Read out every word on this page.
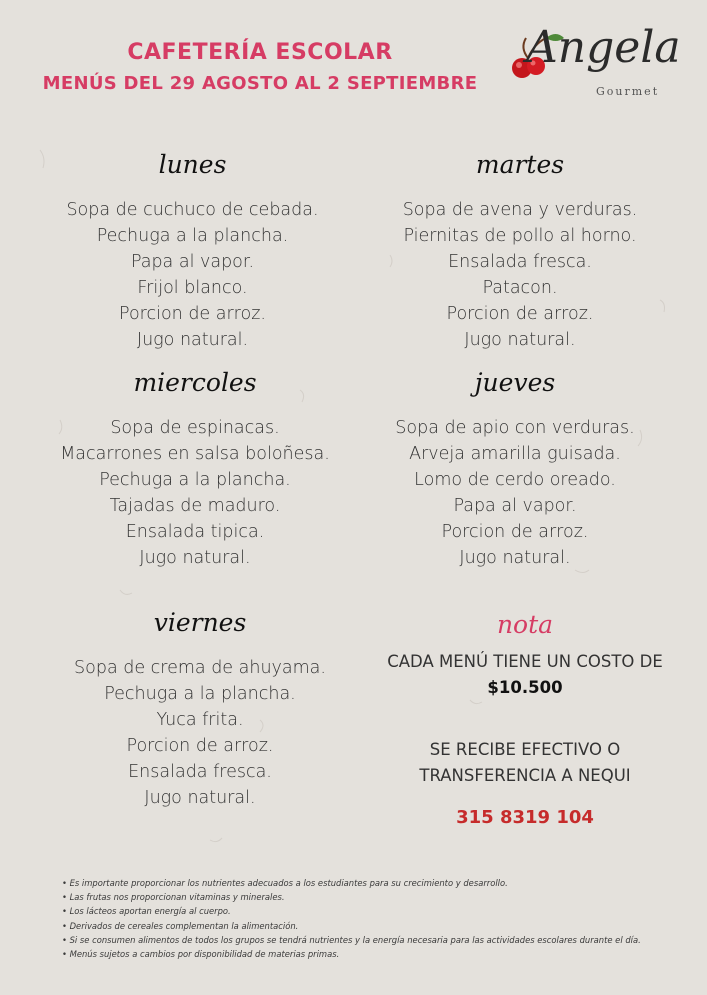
CAFETERÍA ESCOLAR
MENÚS DEL 29 AGOSTO AL 2 SEPTIEMBRE
Angela
Gourmet
lunes
Sopa de cuchuco de cebada.
Pechuga a la plancha.
Papa al vapor.
Frijol blanco.
Porcion de arroz.
Jugo natural.
martes
Sopa de avena y verduras.
Piernitas de pollo al horno.
Ensalada fresca.
Patacon.
Porcion de arroz.
Jugo natural.
miercoles
Sopa de espinacas.
Macarrones en salsa boloñesa.
Pechuga a la plancha.
Tajadas de maduro.
Ensalada tipica.
Jugo natural.
jueves
Sopa de apio con verduras.
Arveja amarilla guisada.
Lomo de cerdo oreado.
Papa al vapor.
Porcion de arroz.
Jugo natural.
viernes
Sopa de crema de ahuyama.
Pechuga a la plancha.
Yuca frita.
Porcion de arroz.
Ensalada fresca.
Jugo natural.
nota
CADA MENÚ TIENE UN COSTO DE
$10.500
SE RECIBE EFECTIVO O
TRANSFERENCIA A NEQUI
315 8319 104
• Es importante proporcionar los nutrientes adecuados a los estudiantes para su crecimiento y desarrollo.
• Las frutas nos proporcionan vitaminas y minerales.
• Los lácteos aportan energía al cuerpo.
• Derivados de cereales complementan la alimentación.
• Si se consumen alimentos de todos los grupos se tendrá nutrientes y la energía necesaria para las actividades escolares durante el día.
• Menús sujetos a cambios por disponibilidad de materias primas.
